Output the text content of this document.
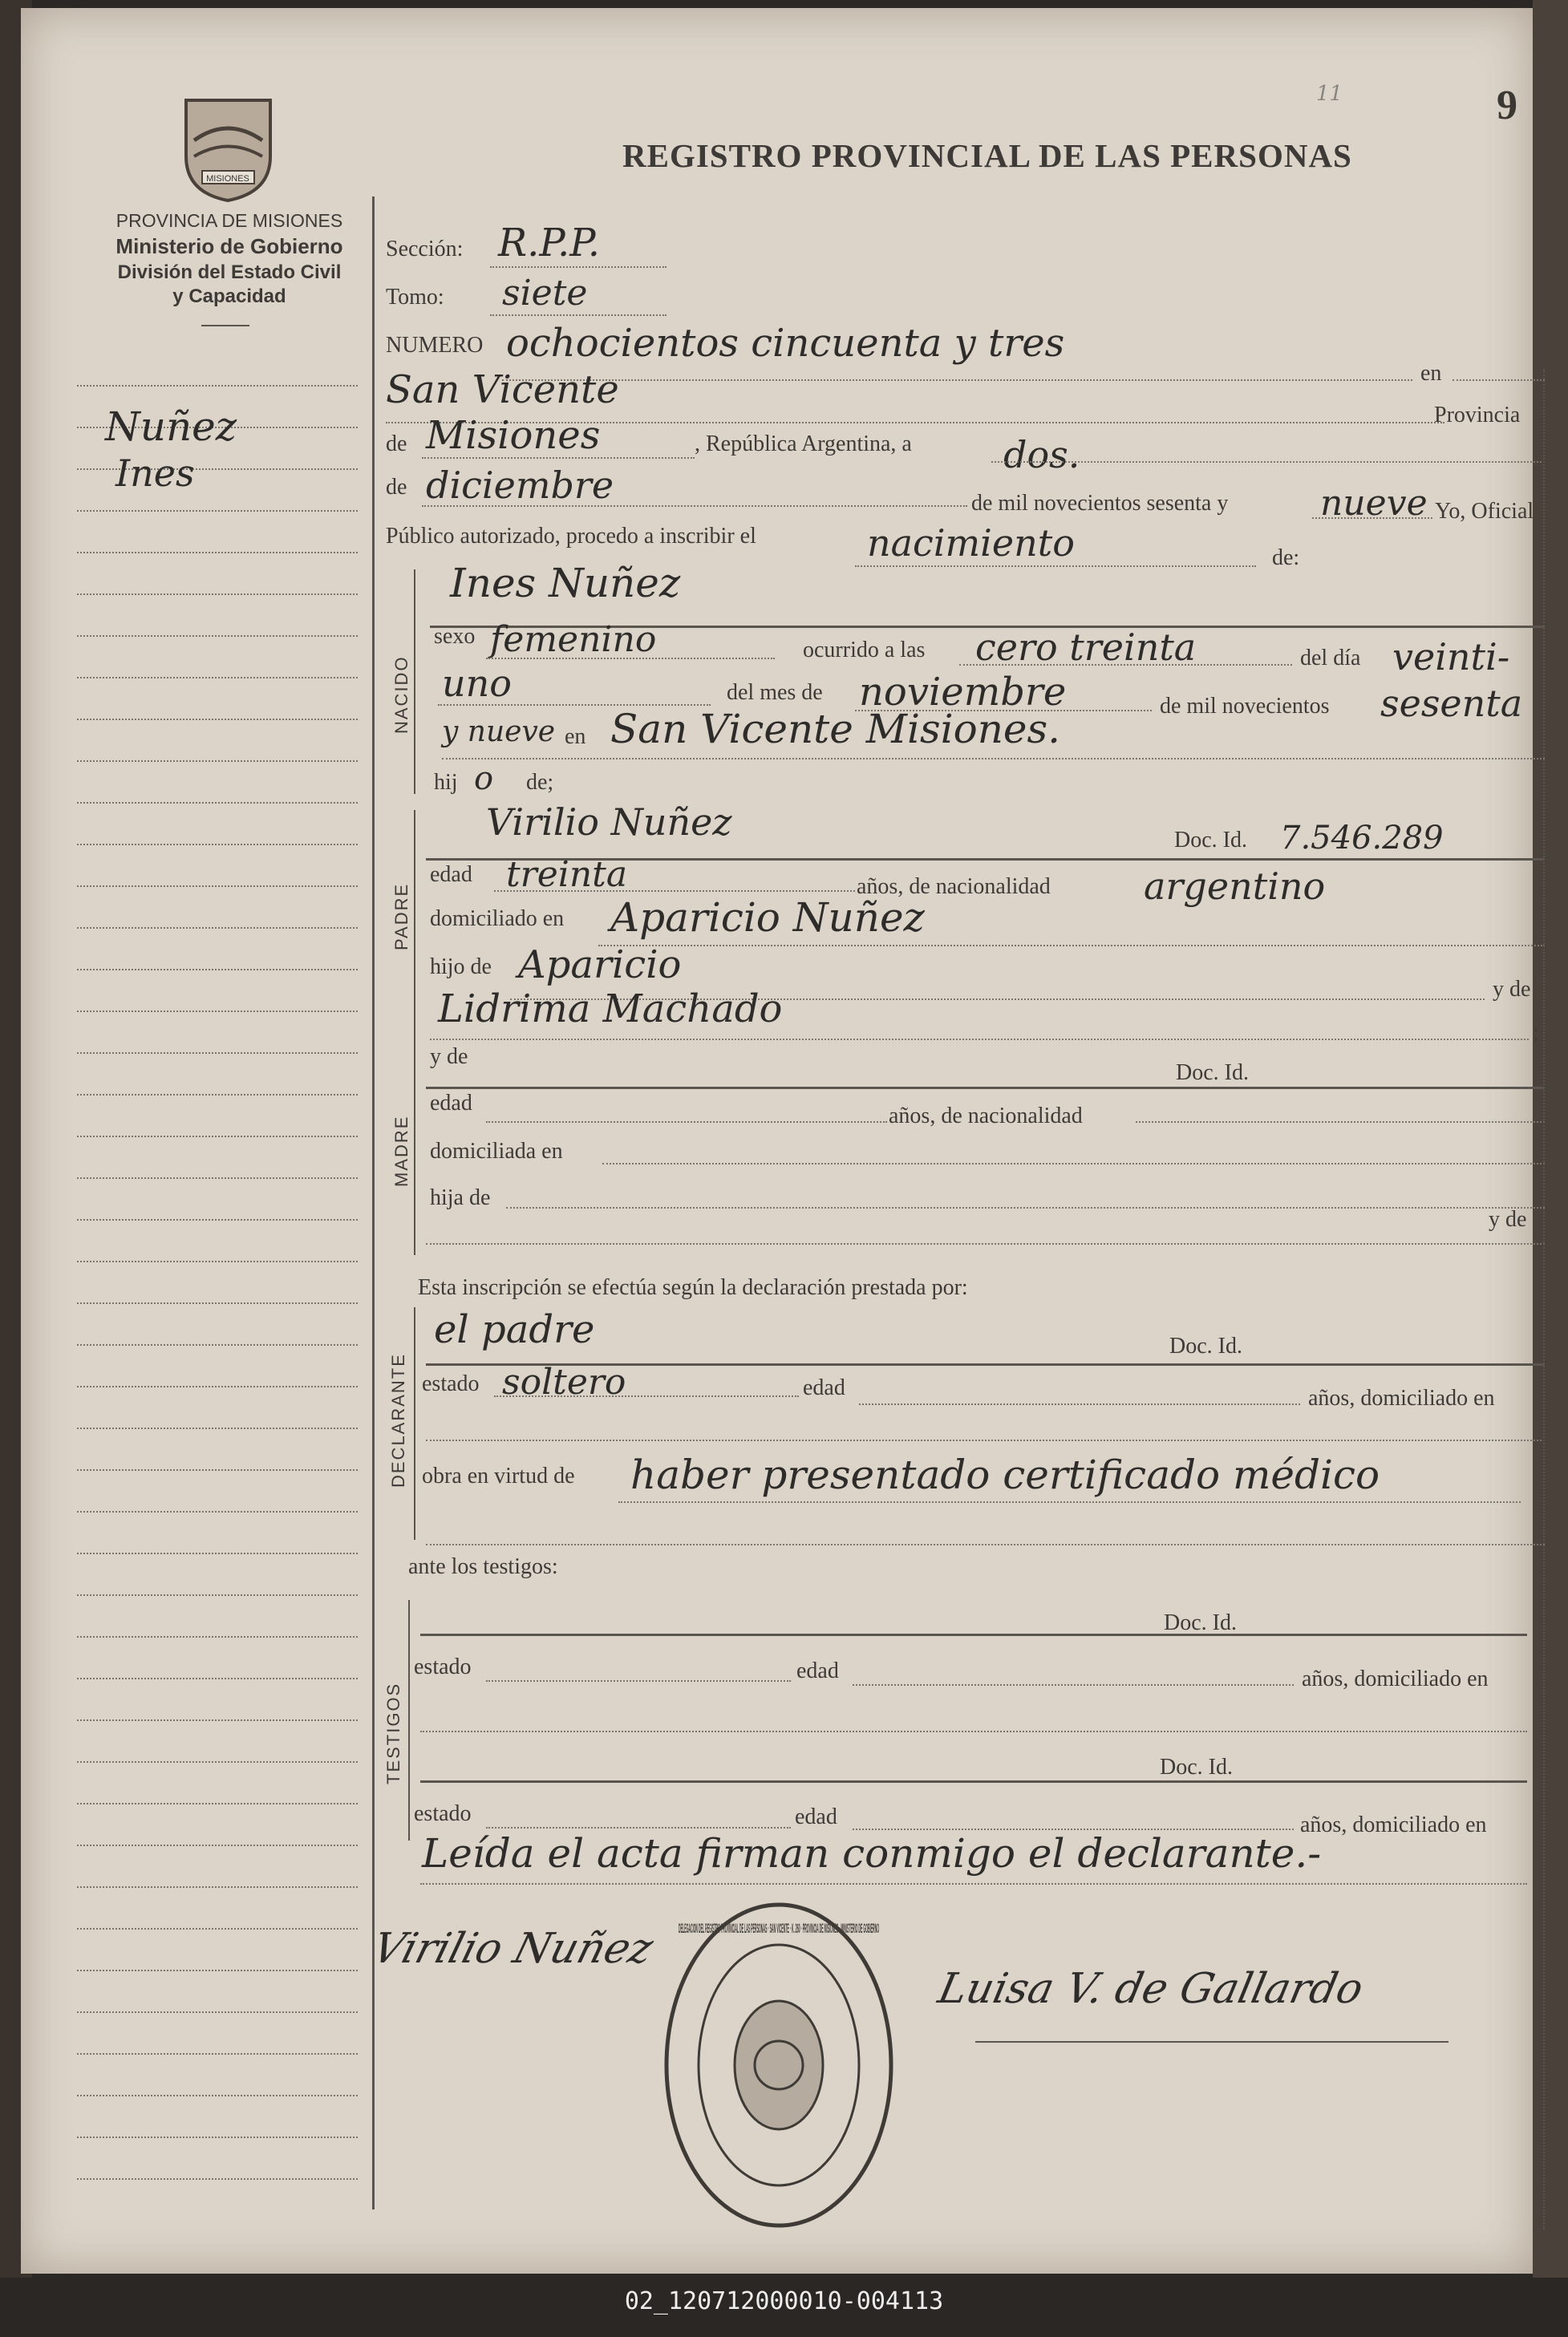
9
11
MISIONES
PROVINCIA DE MISIONES
Ministerio de Gobierno
División del Estado Civil
y Capacidad
REGISTRO PROVINCIAL DE LAS PERSONAS
Nuñez
Ines
Sección: R.P.P.
Tomo: siete
NUMERO ochocientos cincuenta y tres
en
San Vicente
Provincia
de Misiones	, República Argentina, a dos.
de diciembre	de mil novecientos sesenta y	nueve Yo, Oficial
Público autorizado, procedo a inscribir el	nacimiento	de:
NACIDO
Ines Nuñez
sexo femenino	ocurrido a las cero treinta	del día veinti-
uno	del mes de noviembre	de mil novecientos sesenta
y nueve en San Vicente Misiones.
hij o de;
PADRE
Virilio Nuñez	Doc. Id. 7.546.289
edad treinta	años, de nacionalidad	argentino
domiciliado en Aparicio Nuñez
hijo de Aparicio
y de
Lidrima Machado
;
MADRE
y de
Doc. Id.
edad
años, de nacionalidad
domiciliada en
hija de
y de
Esta inscripción se efectúa según la declaración prestada por:
DECLARANTE
el padre	Doc. Id.
estado soltero	edad	años, domiciliado en
obra en virtud de haber presentado certificado médico
ante los testigos:
TESTIGOS
Doc. Id.
estado	edad	años, domiciliado en
Doc. Id.
estado	edad	años, domiciliado en
Leída el acta firman conmigo el declarante.-
Virilio Nuñez
Luisa V. de Gallardo
DELEGACION DEL REGISTRO PROVINCIAL DE LAS PERSONAS · SAN VICENTE · K. 260 · PROVINCIA DE MISIONES · MINISTERIO DE GOBIERNO
02_120712000010-004113
